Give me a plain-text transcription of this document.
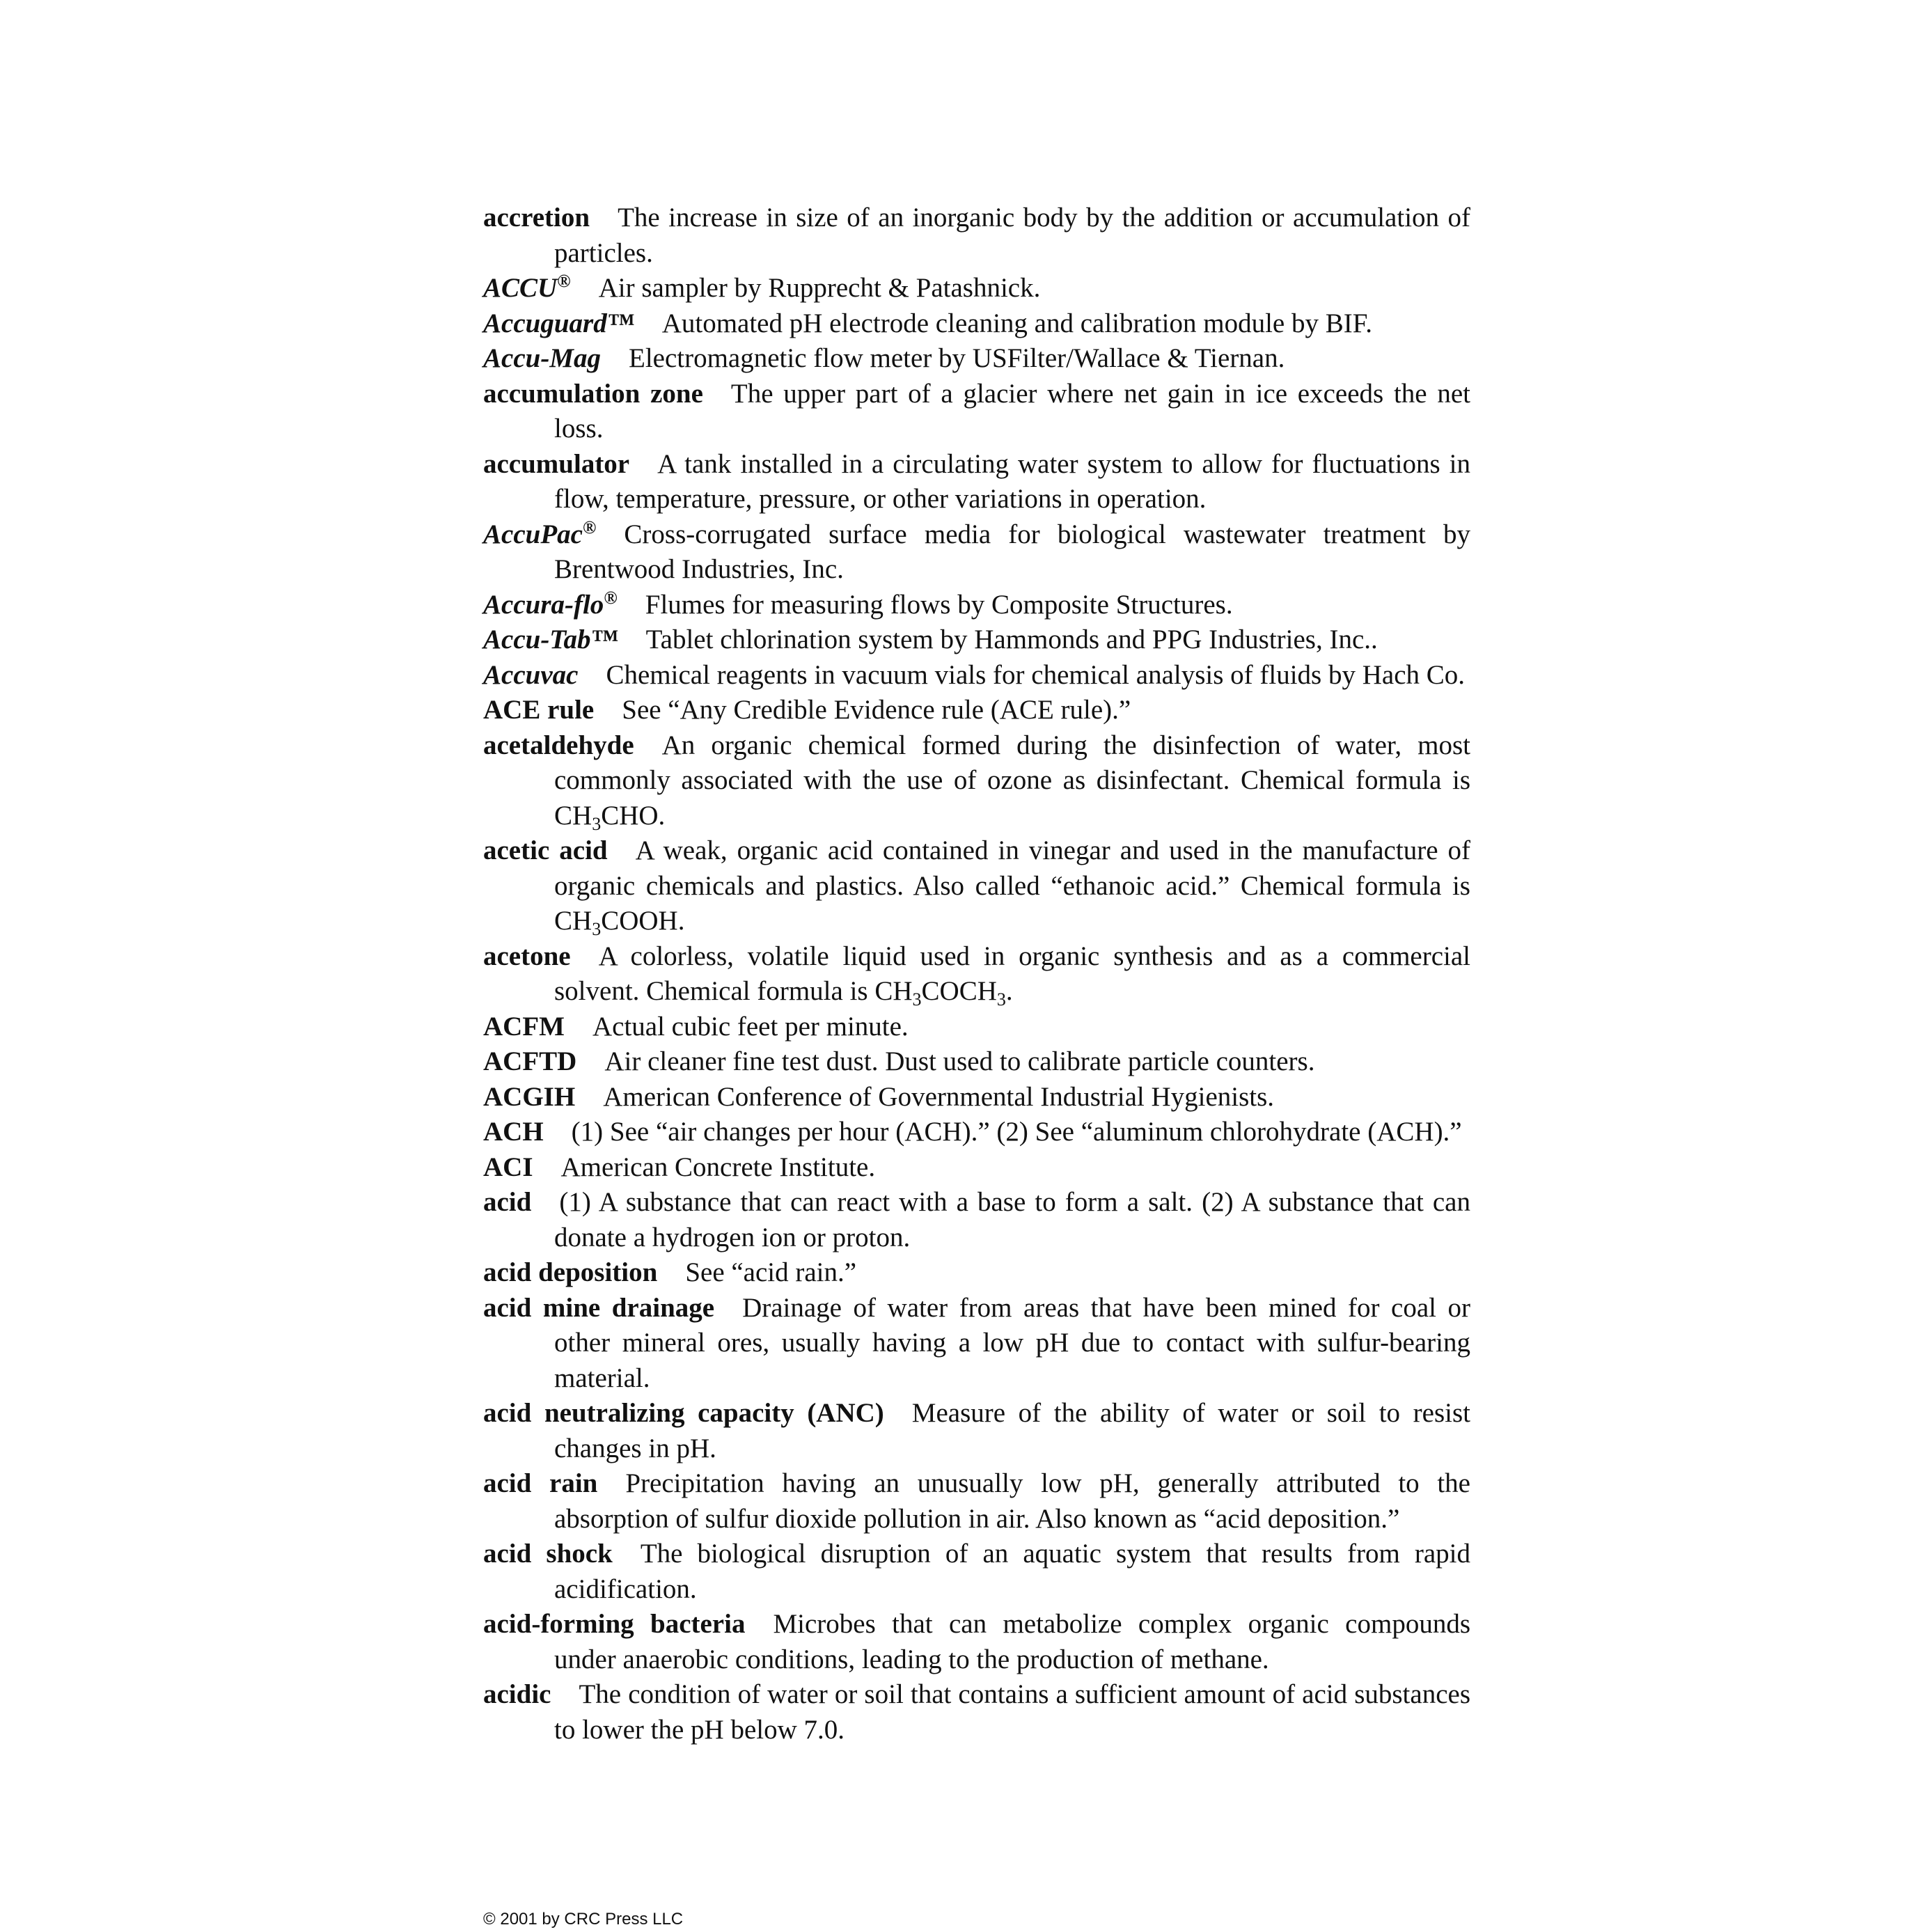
accretion The increase in size of an inorganic body by the addition or accumulation of particles.

ACCU® Air sampler by Rupprecht & Patashnick.

Accuguard™ Automated pH electrode cleaning and calibration module by BIF.

Accu-Mag Electromagnetic flow meter by USFilter/Wallace & Tiernan.

accumulation zone The upper part of a glacier where net gain in ice exceeds the net loss.

accumulator A tank installed in a circulating water system to allow for fluctuations in flow, temperature, pressure, or other variations in operation.

AccuPac® Cross-corrugated surface media for biological wastewater treatment by Brentwood Industries, Inc.

Accura-flo® Flumes for measuring flows by Composite Structures.

Accu-Tab™ Tablet chlorination system by Hammonds and PPG Industries, Inc..

Accuvac Chemical reagents in vacuum vials for chemical analysis of fluids by Hach Co.

ACE rule See “Any Credible Evidence rule (ACE rule).”

acetaldehyde An organic chemical formed during the disinfection of water, most commonly associated with the use of ozone as disinfectant. Chemical formula is $CH_3CHO$.

acetic acid A weak, organic acid contained in vinegar and used in the manufacture of organic chemicals and plastics. Also called “ethanoic acid.” Chemical formula is $CH_3COOH$.

acetone A colorless, volatile liquid used in organic synthesis and as a commercial solvent. Chemical formula is $CH_3COCH_3$.

ACFM Actual cubic feet per minute.

ACFTD Air cleaner fine test dust. Dust used to calibrate particle counters.

ACGIH American Conference of Governmental Industrial Hygienists.

ACH (1) See “air changes per hour (ACH).” (2) See “aluminum chlorohydrate (ACH).”

ACI American Concrete Institute.

acid (1) A substance that can react with a base to form a salt. (2) A substance that can donate a hydrogen ion or proton.

acid deposition See “acid rain.”

acid mine drainage Drainage of water from areas that have been mined for coal or other mineral ores, usually having a low pH due to contact with sulfur-bearing material.

acid neutralizing capacity (ANC) Measure of the ability of water or soil to resist changes in pH.

acid rain Precipitation having an unusually low pH, generally attributed to the absorption of sulfur dioxide pollution in air. Also known as “acid deposition.”

acid shock The biological disruption of an aquatic system that results from rapid acidification.

acid-forming bacteria Microbes that can metabolize complex organic compounds under anaerobic conditions, leading to the production of methane.

acidic The condition of water or soil that contains a sufficient amount of acid substances to lower the pH below 7.0.

© 2001 by CRC Press LLC
